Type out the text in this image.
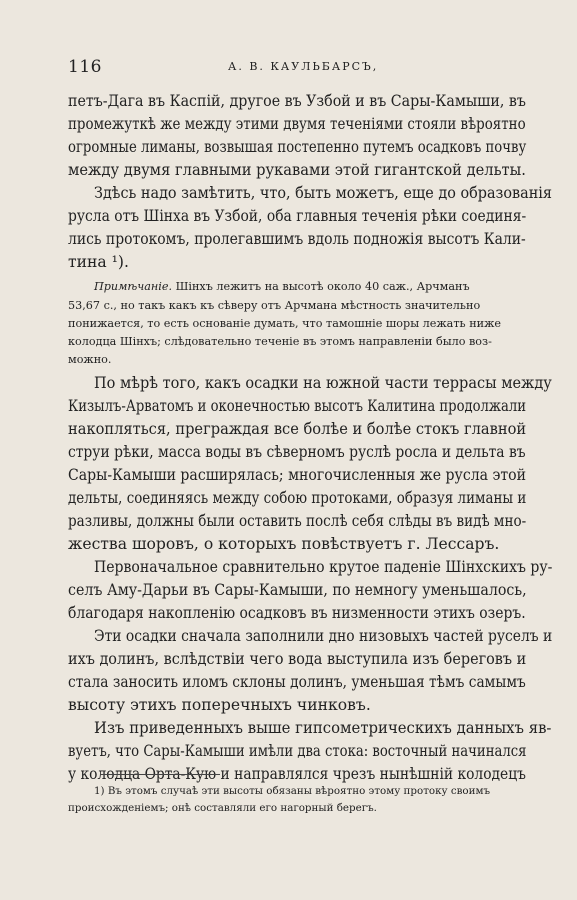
116	А. В. КАУЛЬБАРСЪ,
петъ-Дага въ Каспiй, другое въ Узбой и въ Сары-Камыши, въ
промежуткѣ же между этими двумя теченiями стояли вѣроятно
огромные лиманы, возвышая постепенно путемъ осадковъ почву
между двумя главными рукавами этой гигантской дельты.
Здѣсь надо замѣтить, что, быть можетъ, еще до образованiя
русла отъ Шiнха въ Узбой, оба главныя теченiя рѣки соединя-
лись протокомъ, пролегавшимъ вдоль подножiя высотъ Кали-
тина ¹).
Примѣчанiе. Шiнхъ лежитъ на высотѣ около 40 саж., Арчманъ
53,67 с., но такъ какъ къ сѣверу отъ Арчмана мѣстность значительно
понижается, то есть основанiе думать, что тамошнiе шоры лежать ниже
колодца Шiнхъ; слѣдовательно теченiе въ этомъ направленiи было воз-
можно.
По мѣрѣ того, какъ осадки на южной части террасы между
Кизылъ-Арватомъ и оконечностью высотъ Калитина продолжали
накопляться, преграждая все болѣе и болѣе стокъ главной
струи рѣки, масса воды въ сѣверномъ руслѣ росла и дельта въ
Сары-Камыши расширялась; многочисленныя же русла этой
дельты, соединяясь между собою протоками, образуя лиманы и
разливы, должны были оставить послѣ себя слѣды въ видѣ мно-
жества шоровъ, о которыхъ повѣствуетъ г. Лессаръ.
Первоначальное сравнительно крутое паденiе Шiнхскихъ ру-
селъ Аму-Дарьи въ Сары-Камыши, по немногу уменьшалось,
благодаря накопленiю осадковъ въ низменности этихъ озеръ.
Эти осадки сначала заполнили дно низовыхъ частей руселъ и
ихъ долинъ, вслѣдствiи чего вода выступила изъ береговъ и
стала заносить иломъ склоны долинъ, уменьшая тѣмъ самымъ
высоту этихъ поперечныхъ чинковъ.
Изъ приведенныхъ выше гипсометрическихъ данныхъ яв-
вуетъ, что Сары-Камыши имѣли два стока: восточный начинался
у колодца Орта-Кую и направлялся чрезъ нынѣшнiй колодецъ
1) Въ этомъ случаѣ эти высоты обязаны вѣроятно этому протоку своимъ
происхожденiемъ; онѣ составляли его нагорный берегъ.
